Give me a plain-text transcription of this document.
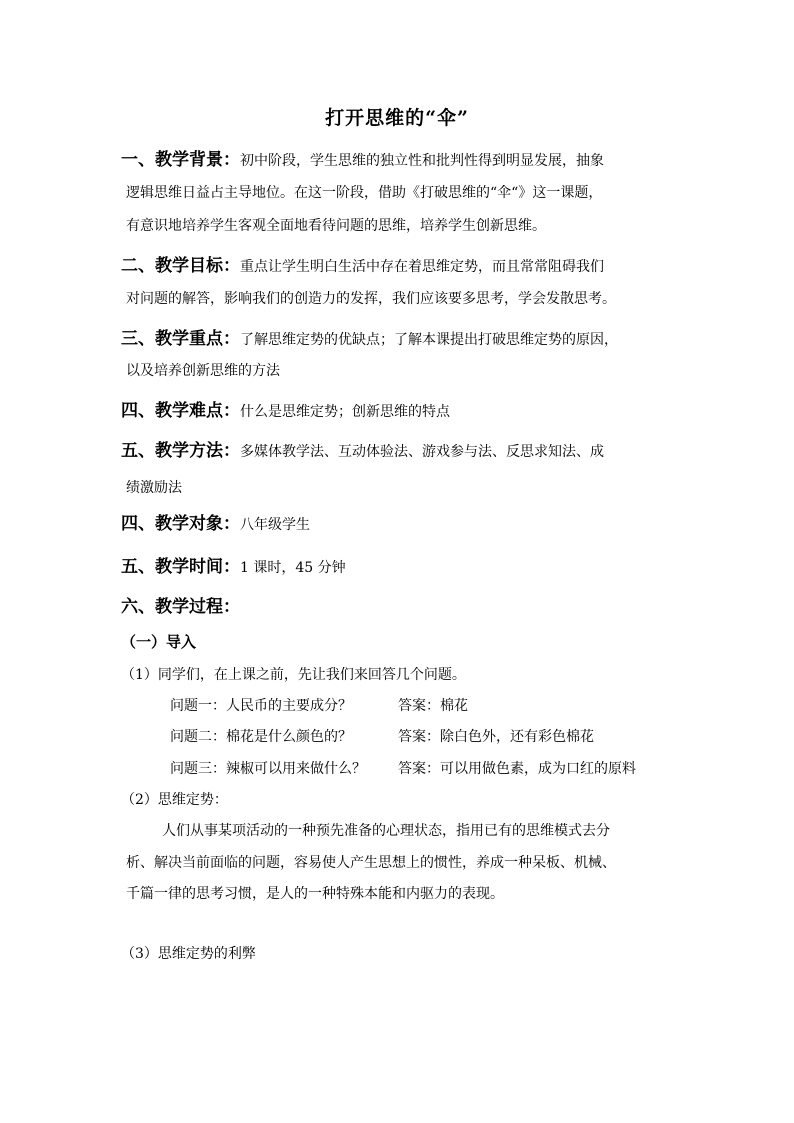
打开思维的“伞”
一、教学背景：初中阶段，学生思维的独立性和批判性得到明显发展，抽象
逻辑思维日益占主导地位。在这一阶段，借助《打破思维的“伞“》这一课题，
有意识地培养学生客观全面地看待问题的思维，培养学生创新思维。
二、教学目标：重点让学生明白生活中存在着思维定势，而且常常阻碍我们
对问题的解答，影响我们的创造力的发挥，我们应该要多思考，学会发散思考。
三、教学重点：了解思维定势的优缺点；了解本课提出打破思维定势的原因，
以及培养创新思维的方法
四、教学难点：什么是思维定势；创新思维的特点
五、教学方法：多媒体教学法、互动体验法、游戏参与法、反思求知法、成
绩激励法
四、教学对象：八年级学生
五、教学时间：1 课时，45 分钟
六、教学过程：
（一）导入
（1）同学们，在上课之前，先让我们来回答几个问题。
问题一：人民币的主要成分？	答案：棉花
问题二：棉花是什么颜色的？	答案：除白色外，还有彩色棉花
问题三：辣椒可以用来做什么？ 答案：可以用做色素，成为口红的原料
（2）思维定势：
人们从事某项活动的一种预先准备的心理状态，指用已有的思维模式去分
析、解决当前面临的问题，容易使人产生思想上的惯性，养成一种呆板、机械、
千篇一律的思考习惯，是人的一种特殊本能和内驱力的表现。
（3）思维定势的利弊
